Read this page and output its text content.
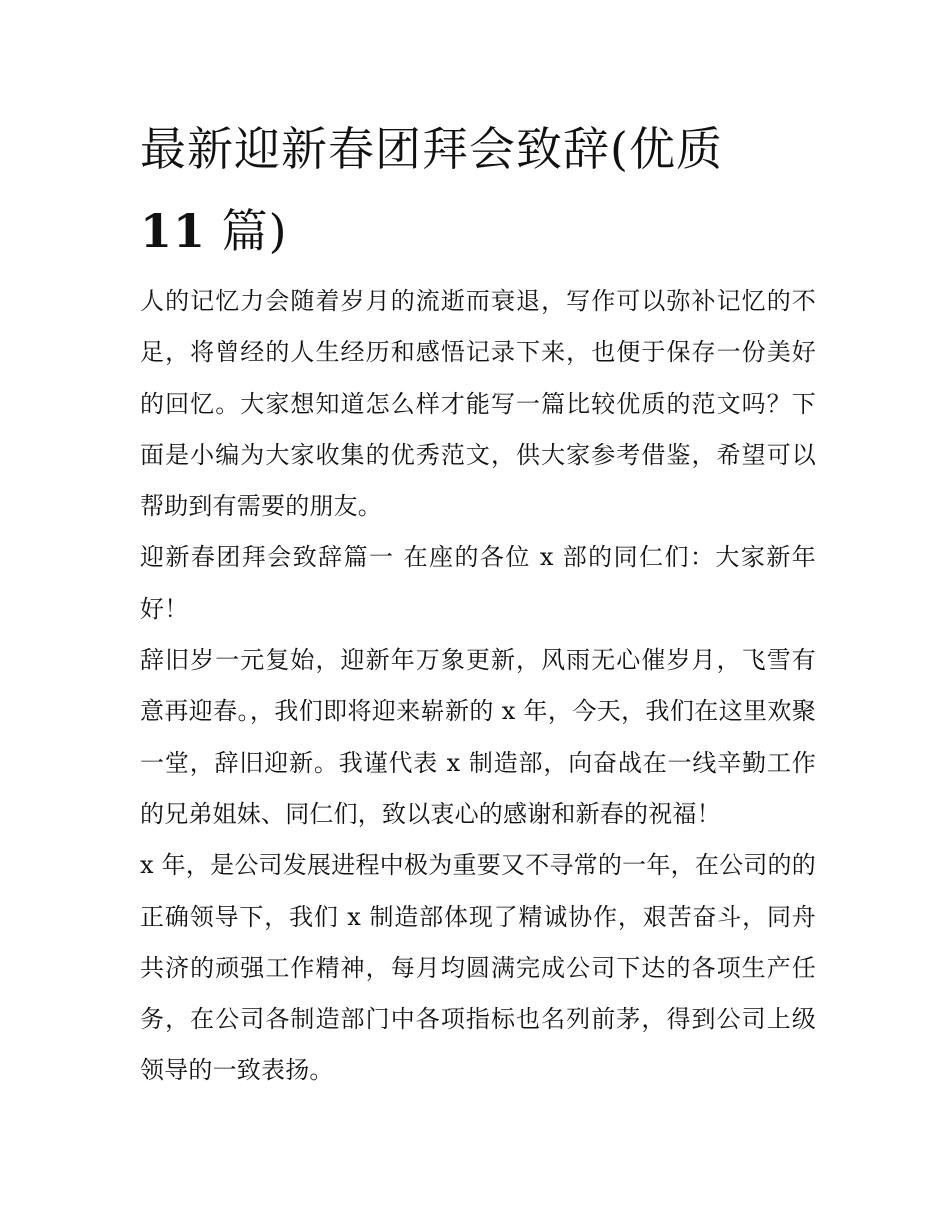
最新迎新春团拜会致辞(优质
11 篇)

人的记忆力会随着岁月的流逝而衰退，写作可以弥补记忆的不足，将曾经的人生经历和感悟记录下来，也便于保存一份美好的回忆。大家想知道怎么样才能写一篇比较优质的范文吗？下面是小编为大家收集的优秀范文，供大家参考借鉴，希望可以帮助到有需要的朋友。

迎新春团拜会致辞篇一 在座的各位 x 部的同仁们：大家新年好！

辞旧岁一元复始，迎新年万象更新，风雨无心催岁月，飞雪有意再迎春。，我们即将迎来崭新的 x 年，今天，我们在这里欢聚一堂，辞旧迎新。我谨代表 x 制造部，向奋战在一线辛勤工作的兄弟姐妹、同仁们，致以衷心的感谢和新春的祝福！

x 年，是公司发展进程中极为重要又不寻常的一年，在公司的的正确领导下，我们 x 制造部体现了精诚协作，艰苦奋斗，同舟共济的顽强工作精神，每月均圆满完成公司下达的各项生产任务，在公司各制造部门中各项指标也名列前茅，得到公司上级领导的一致表扬。
